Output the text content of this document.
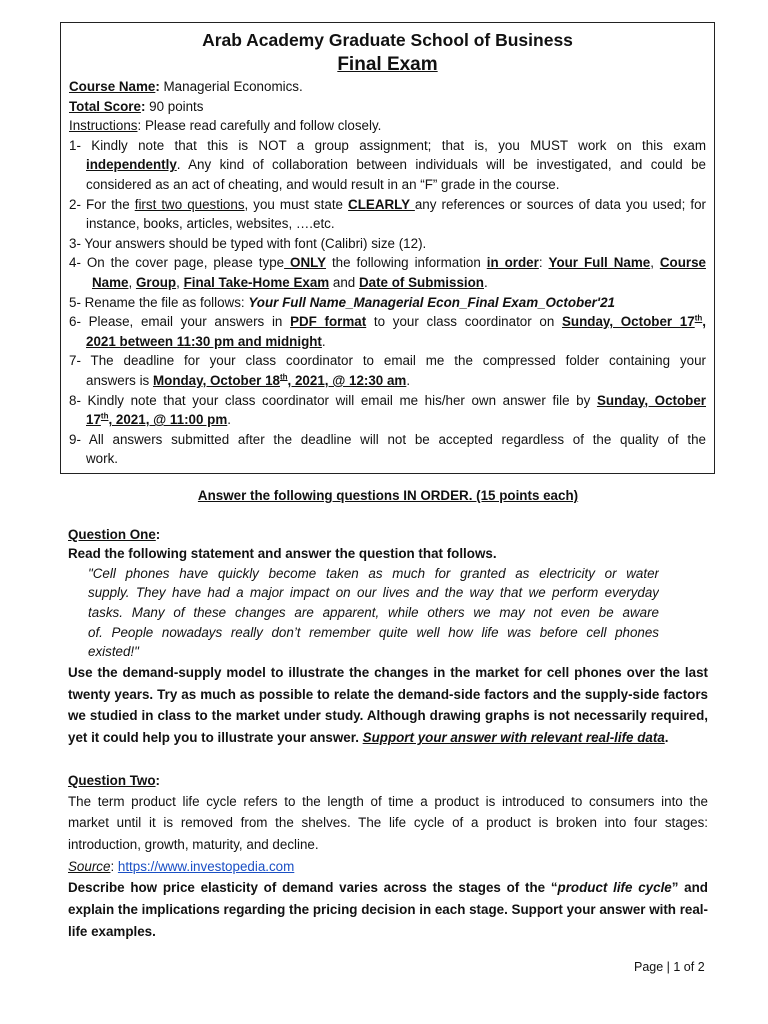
Arab Academy Graduate School of Business
Final Exam
Course Name: Managerial Economics.
Total Score: 90 points
Instructions: Please read carefully and follow closely.
1- Kindly note that this is NOT a group assignment; that is, you MUST work on this exam
independently. Any kind of collaboration between individuals will be investigated, and could be
considered as an act of cheating, and would result in an “F” grade in the course.
2- For the first two questions, you must state CLEARLY any references or sources of data you used; for
instance, books, articles, websites, ….etc.
3- Your answers should be typed with font (Calibri) size (12).
4- On the cover page, please type ONLY the following information in order: Your Full Name, Course
Name, Group, Final Take-Home Exam and Date of Submission.
5- Rename the file as follows: Your Full Name_Managerial Econ_Final Exam_October'21
6- Please, email your answers in PDF format to your class coordinator on Sunday, October 17th,
2021 between 11:30 pm and midnight.
7- The deadline for your class coordinator to email me the compressed folder containing your
answers is Monday, October 18th, 2021, @ 12:30 am.
8- Kindly note that your class coordinator will email me his/her own answer file by Sunday, October
17th, 2021, @ 11:00 pm.
9- All answers submitted after the deadline will not be accepted regardless of the quality of the
work.
Answer the following questions IN ORDER. (15 points each)
Question One:
Read the following statement and answer the question that follows.
"Cell phones have quickly become taken as much for granted as electricity or water
supply. They have had a major impact on our lives and the way that we perform everyday
tasks. Many of these changes are apparent, while others we may not even be aware
of. People nowadays really don’t remember quite well how life was before cell phones
existed!"
Use the demand-supply model to illustrate the changes in the market for cell phones over the last
twenty years. Try as much as possible to relate the demand-side factors and the supply-side factors
we studied in class to the market under study. Although drawing graphs is not necessarily required,
yet it could help you to illustrate your answer. Support your answer with relevant real-life data.
Question Two:
The term product life cycle refers to the length of time a product is introduced to consumers into the
market until it is removed from the shelves. The life cycle of a product is broken into four stages:
introduction, growth, maturity, and decline.
Source: https://www.investopedia.com
Describe how price elasticity of demand varies across the stages of the “product life cycle” and
explain the implications regarding the pricing decision in each stage. Support your answer with real-
life examples.
Page | 1 of 2
